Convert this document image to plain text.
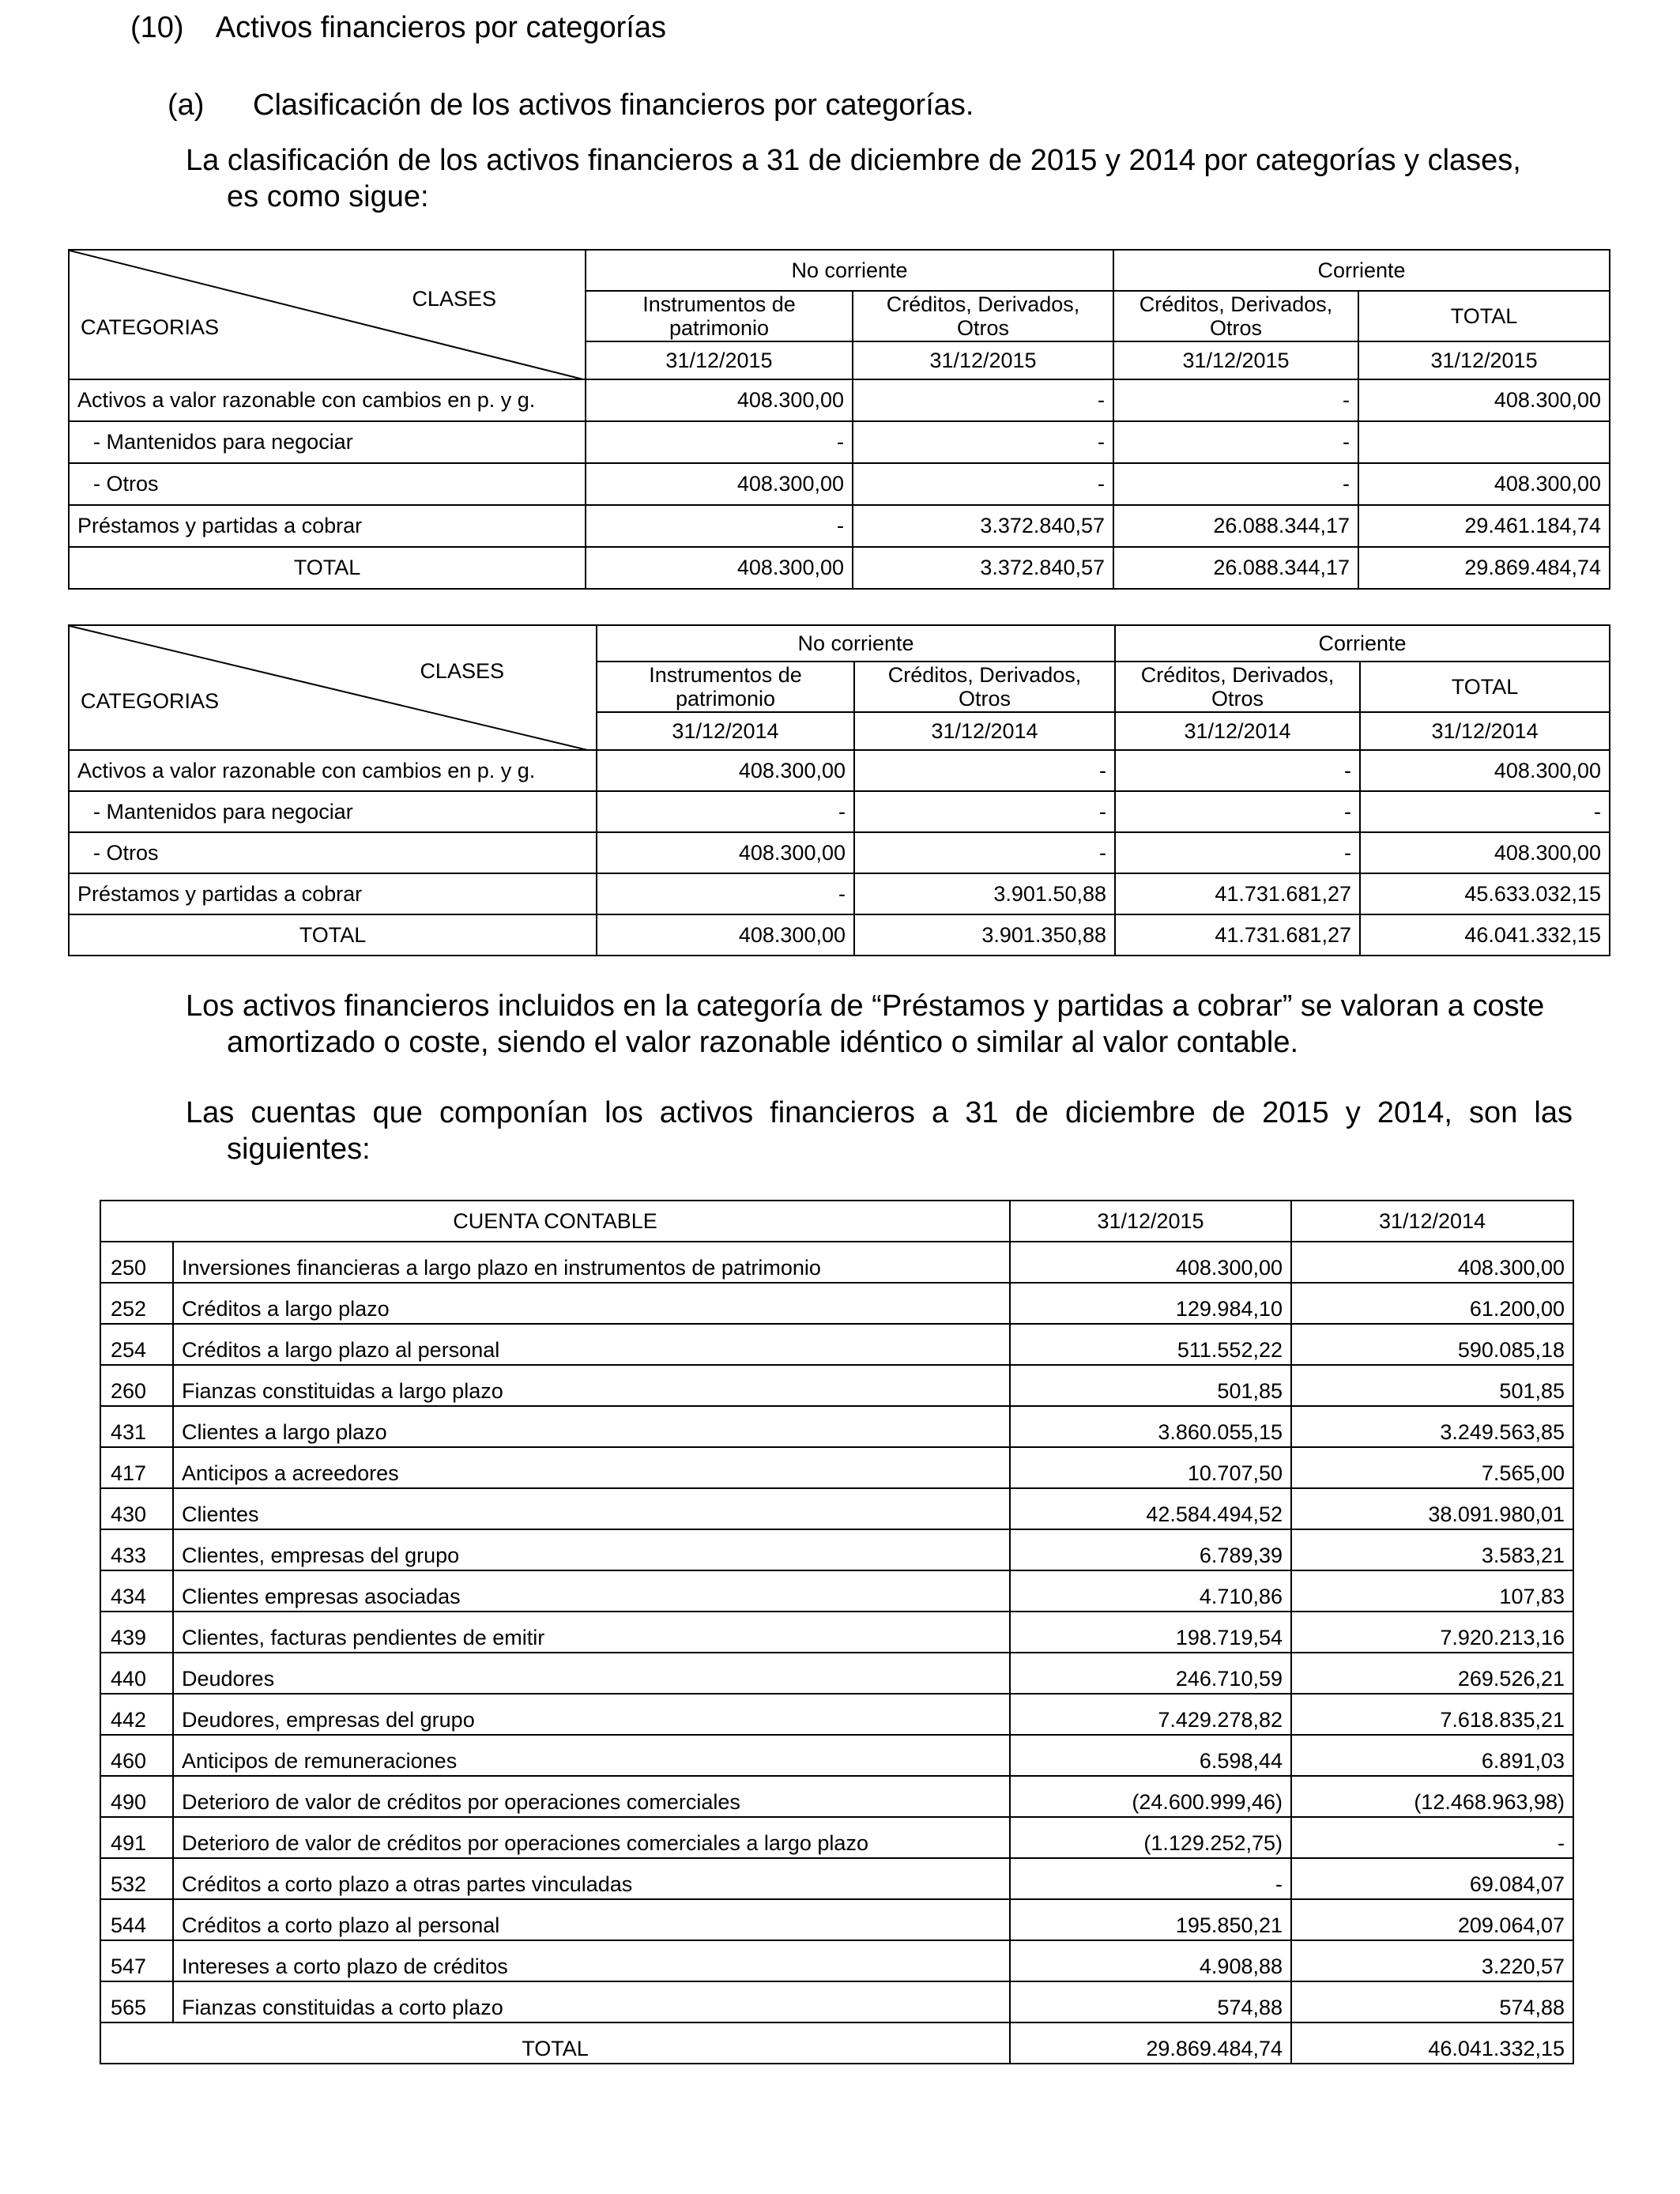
(10) Activos financieros por categorías
(a) Clasificación de los activos financieros por categorías.
La clasificación de los activos financieros a 31 de diciembre de 2015 y 2014 por categorías y clases,
es como sigue:
CLASES
CATEGORIAS	No corriente		Corriente	
	Instrumentos de patrimonio	Créditos, Derivados, Otros	Créditos, Derivados, Otros	TOTAL
	31/12/2015	31/12/2015	31/12/2015	31/12/2015
Activos a valor razonable con cambios en p. y g.	408.300,00	-	-	408.300,00
- Mantenidos para negociar	-	-	-	
- Otros	408.300,00	-	-	408.300,00
Préstamos y partidas a cobrar	-	3.372.840,57	26.088.344,17	29.461.184,74
TOTAL	408.300,00	3.372.840,57	26.088.344,17	29.869.484,74
CLASES
CATEGORIAS	No corriente		Corriente	
	Instrumentos de patrimonio	Créditos, Derivados, Otros	Créditos, Derivados, Otros	TOTAL
	31/12/2014	31/12/2014	31/12/2014	31/12/2014
Activos a valor razonable con cambios en p. y g.	408.300,00	-	-	408.300,00
- Mantenidos para negociar	-	-	-	-
- Otros	408.300,00	-	-	408.300,00
Préstamos y partidas a cobrar	-	3.901.50,88	41.731.681,27	45.633.032,15
TOTAL	408.300,00	3.901.350,88	41.731.681,27	46.041.332,15
Los activos financieros incluidos en la categoría de “Préstamos y partidas a cobrar” se valoran a coste
amortizado o coste, siendo el valor razonable idéntico o similar al valor contable.
Las cuentas que componían los activos financieros a 31 de diciembre de 2015 y 2014, son las
siguientes:
CUENTA CONTABLE		31/12/2015	31/12/2014
250	Inversiones financieras a largo plazo en instrumentos de patrimonio	408.300,00	408.300,00
252	Créditos a largo plazo	129.984,10	61.200,00
254	Créditos a largo plazo al personal	511.552,22	590.085,18
260	Fianzas constituidas a largo plazo	501,85	501,85
431	Clientes a largo plazo	3.860.055,15	3.249.563,85
417	Anticipos a acreedores	10.707,50	7.565,00
430	Clientes	42.584.494,52	38.091.980,01
433	Clientes, empresas del grupo	6.789,39	3.583,21
434	Clientes empresas asociadas	4.710,86	107,83
439	Clientes, facturas pendientes de emitir	198.719,54	7.920.213,16
440	Deudores	246.710,59	269.526,21
442	Deudores, empresas del grupo	7.429.278,82	7.618.835,21
460	Anticipos de remuneraciones	6.598,44	6.891,03
490	Deterioro de valor de créditos por operaciones comerciales	(24.600.999,46)	(12.468.963,98)
491	Deterioro de valor de créditos por operaciones comerciales a largo plazo	(1.129.252,75)	-
532	Créditos a corto plazo a otras partes vinculadas	-	69.084,07
544	Créditos a corto plazo al personal	195.850,21	209.064,07
547	Intereses a corto plazo de créditos	4.908,88	3.220,57
565	Fianzas constituidas a corto plazo	574,88	574,88
TOTAL		29.869.484,74	46.041.332,15
